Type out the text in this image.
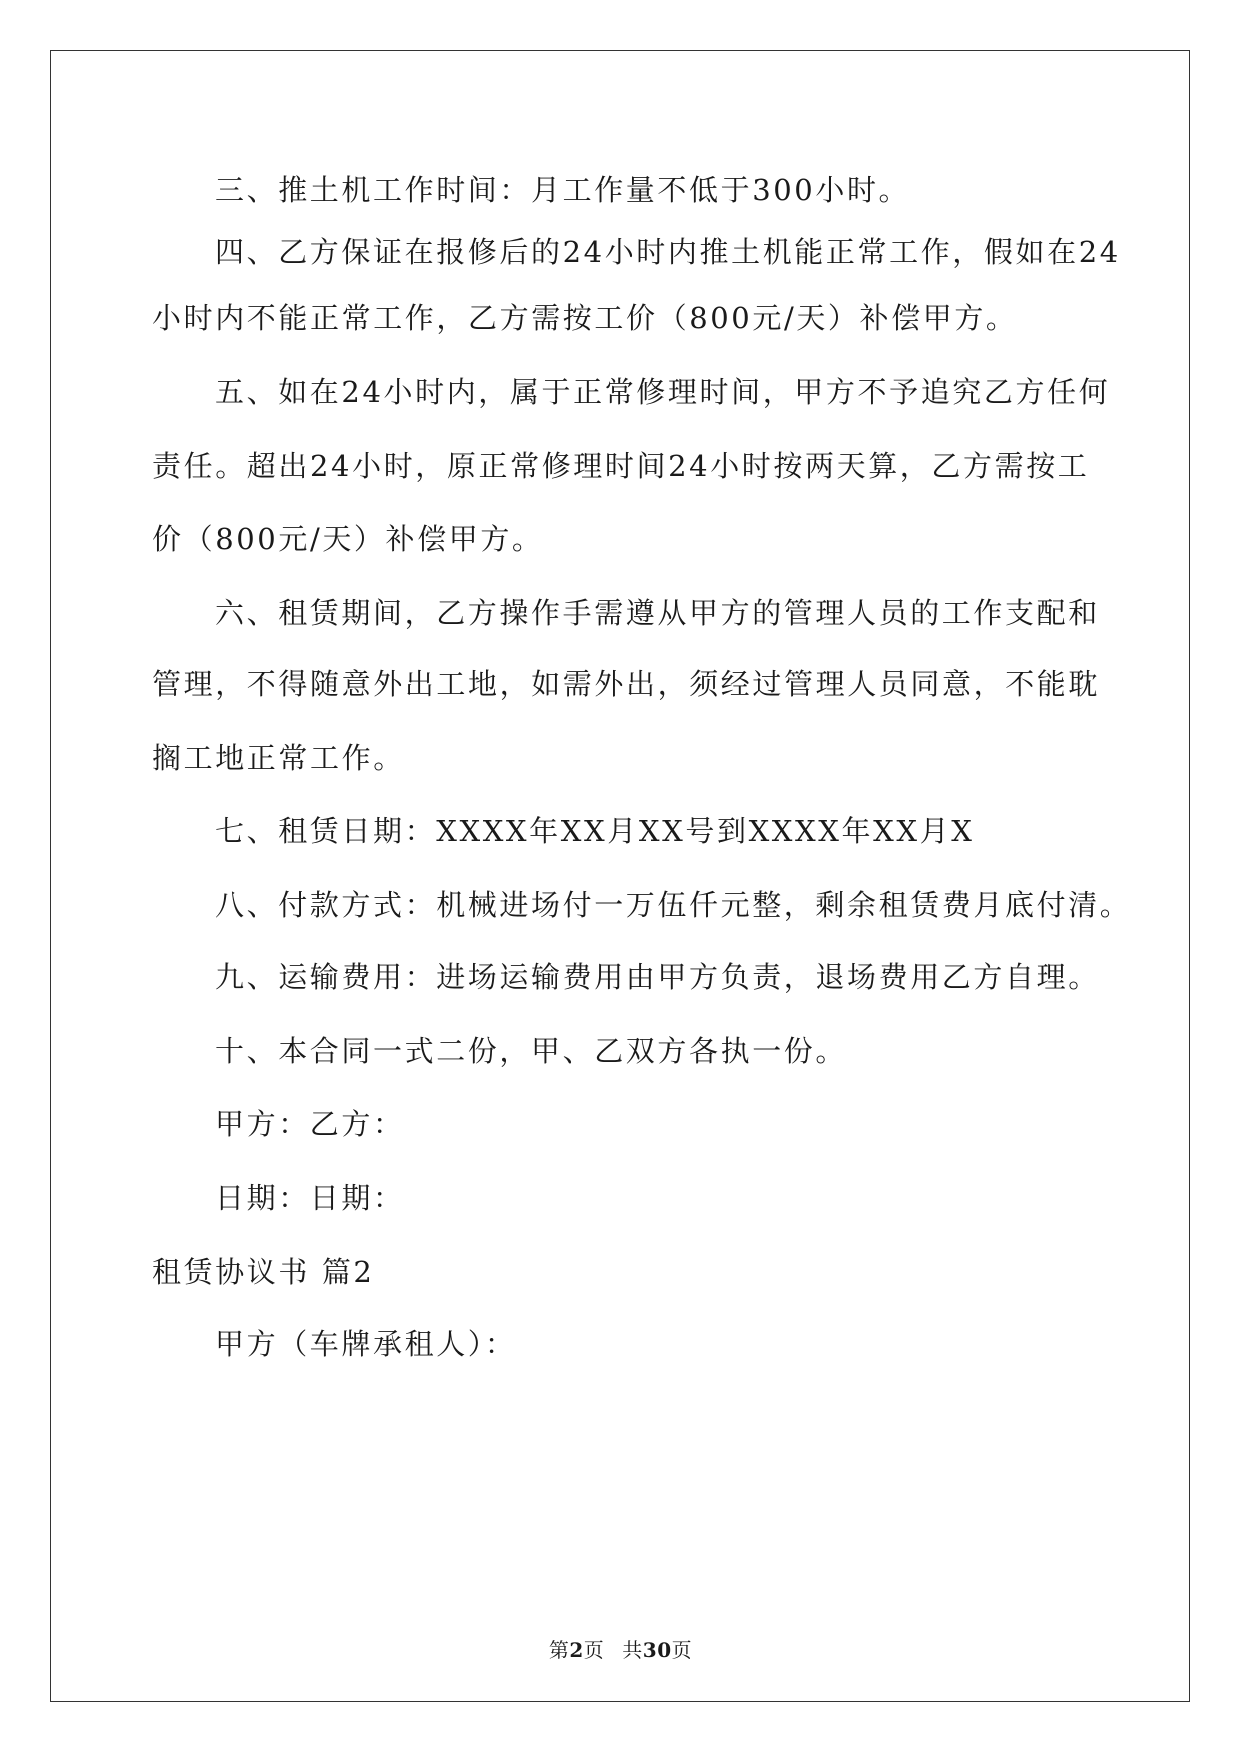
三、推土机工作时间：月工作量不低于300小时。
四、乙方保证在报修后的24小时内推土机能正常工作，假如在24
小时内不能正常工作，乙方需按工价（800元/天）补偿甲方。
五、如在24小时内，属于正常修理时间，甲方不予追究乙方任何
责任。超出24小时，原正常修理时间24小时按两天算，乙方需按工
价（800元/天）补偿甲方。
六、租赁期间，乙方操作手需遵从甲方的管理人员的工作支配和
管理，不得随意外出工地，如需外出，须经过管理人员同意，不能耽
搁工地正常工作。
七、租赁日期：XXXX年XX月XX号到XXXX年XX月X
八、付款方式：机械进场付一万伍仟元整，剩余租赁费月底付清。
九、运输费用：进场运输费用由甲方负责，退场费用乙方自理。
十、本合同一式二份，甲、乙双方各执一份。
甲方：乙方：
日期：日期：
租赁协议书 篇2
甲方（车牌承租人）：
第2页 共30页
